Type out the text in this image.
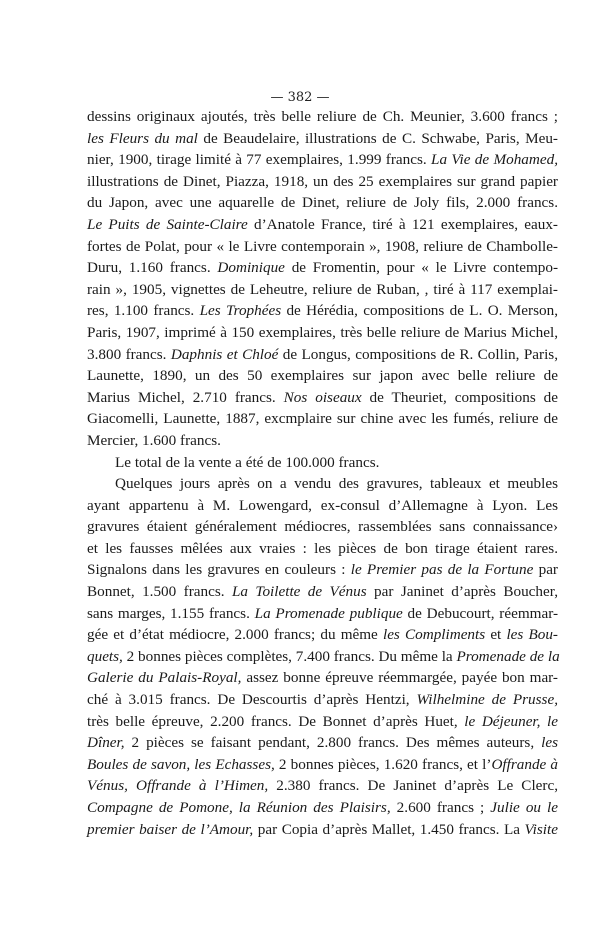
— 382 —
dessins originaux ajoutés, très belle reliure de Ch. Meunier, 3.600 francs ;
les Fleurs du mal de Beaudelaire, illustrations de C. Schwabe, Paris, Meu-
nier, 1900, tirage limité à 77 exemplaires, 1.999 francs. La Vie de Mohamed,
illustrations de Dinet, Piazza, 1918, un des 25 exemplaires sur grand papier
du Japon, avec une aquarelle de Dinet, reliure de Joly fils, 2.000 francs.
Le Puits de Sainte-Claire d’Anatole France, tiré à 121 exemplaires, eaux-
fortes de Polat, pour « le Livre contemporain », 1908, reliure de Chambolle-
Duru, 1.160 francs. Dominique de Fromentin, pour « le Livre contempo-
rain », 1905, vignettes de Leheutre, reliure de Ruban, , tiré à 117 exemplai-
res, 1.100 francs. Les Trophées de Hérédia, compositions de L. O. Merson,
Paris, 1907, imprimé à 150 exemplaires, très belle reliure de Marius Michel,
3.800 francs. Daphnis et Chloé de Longus, compositions de R. Collin, Paris,
Launette, 1890, un des 50 exemplaires sur japon avec belle reliure de
Marius Michel, 2.710 francs. Nos oiseaux de Theuriet, compositions de
Giacomelli, Launette, 1887, excmplaire sur chine avec les fumés, reliure de
Mercier, 1.600 francs.
Le total de la vente a été de 100.000 francs.
Quelques jours après on a vendu des gravures, tableaux et meubles
ayant appartenu à M. Lowengard, ex-consul d’Allemagne à Lyon. Les
gravures étaient généralement médiocres, rassemblées sans connaissance›
et les fausses mêlées aux vraies : les pièces de bon tirage étaient rares.
Signalons dans les gravures en couleurs : le Premier pas de la Fortune par
Bonnet, 1.500 francs. La Toilette de Vénus par Janinet d’après Boucher,
sans marges, 1.155 francs. La Promenade publique de Debucourt, réemmar-
gée et d’état médiocre, 2.000 francs; du même les Compliments et les Bou-
quets, 2 bonnes pièces complètes, 7.400 francs. Du même la Promenade de la
Galerie du Palais-Royal, assez bonne épreuve réemmargée, payée bon mar-
ché à 3.015 francs. De Descourtis d’après Hentzi, Wilhelmine de Prusse,
très belle épreuve, 2.200 francs. De Bonnet d’après Huet, le Déjeuner, le
Dîner, 2 pièces se faisant pendant, 2.800 francs. Des mêmes auteurs, les
Boules de savon, les Echasses, 2 bonnes pièces, 1.620 francs, et l’Offrande à
Vénus, Offrande à l’Himen, 2.380 francs. De Janinet d’après Le Clerc,
Compagne de Pomone, la Réunion des Plaisirs, 2.600 francs ; Julie ou le
premier baiser de l’Amour, par Copia d’après Mallet, 1.450 francs. La Visite
